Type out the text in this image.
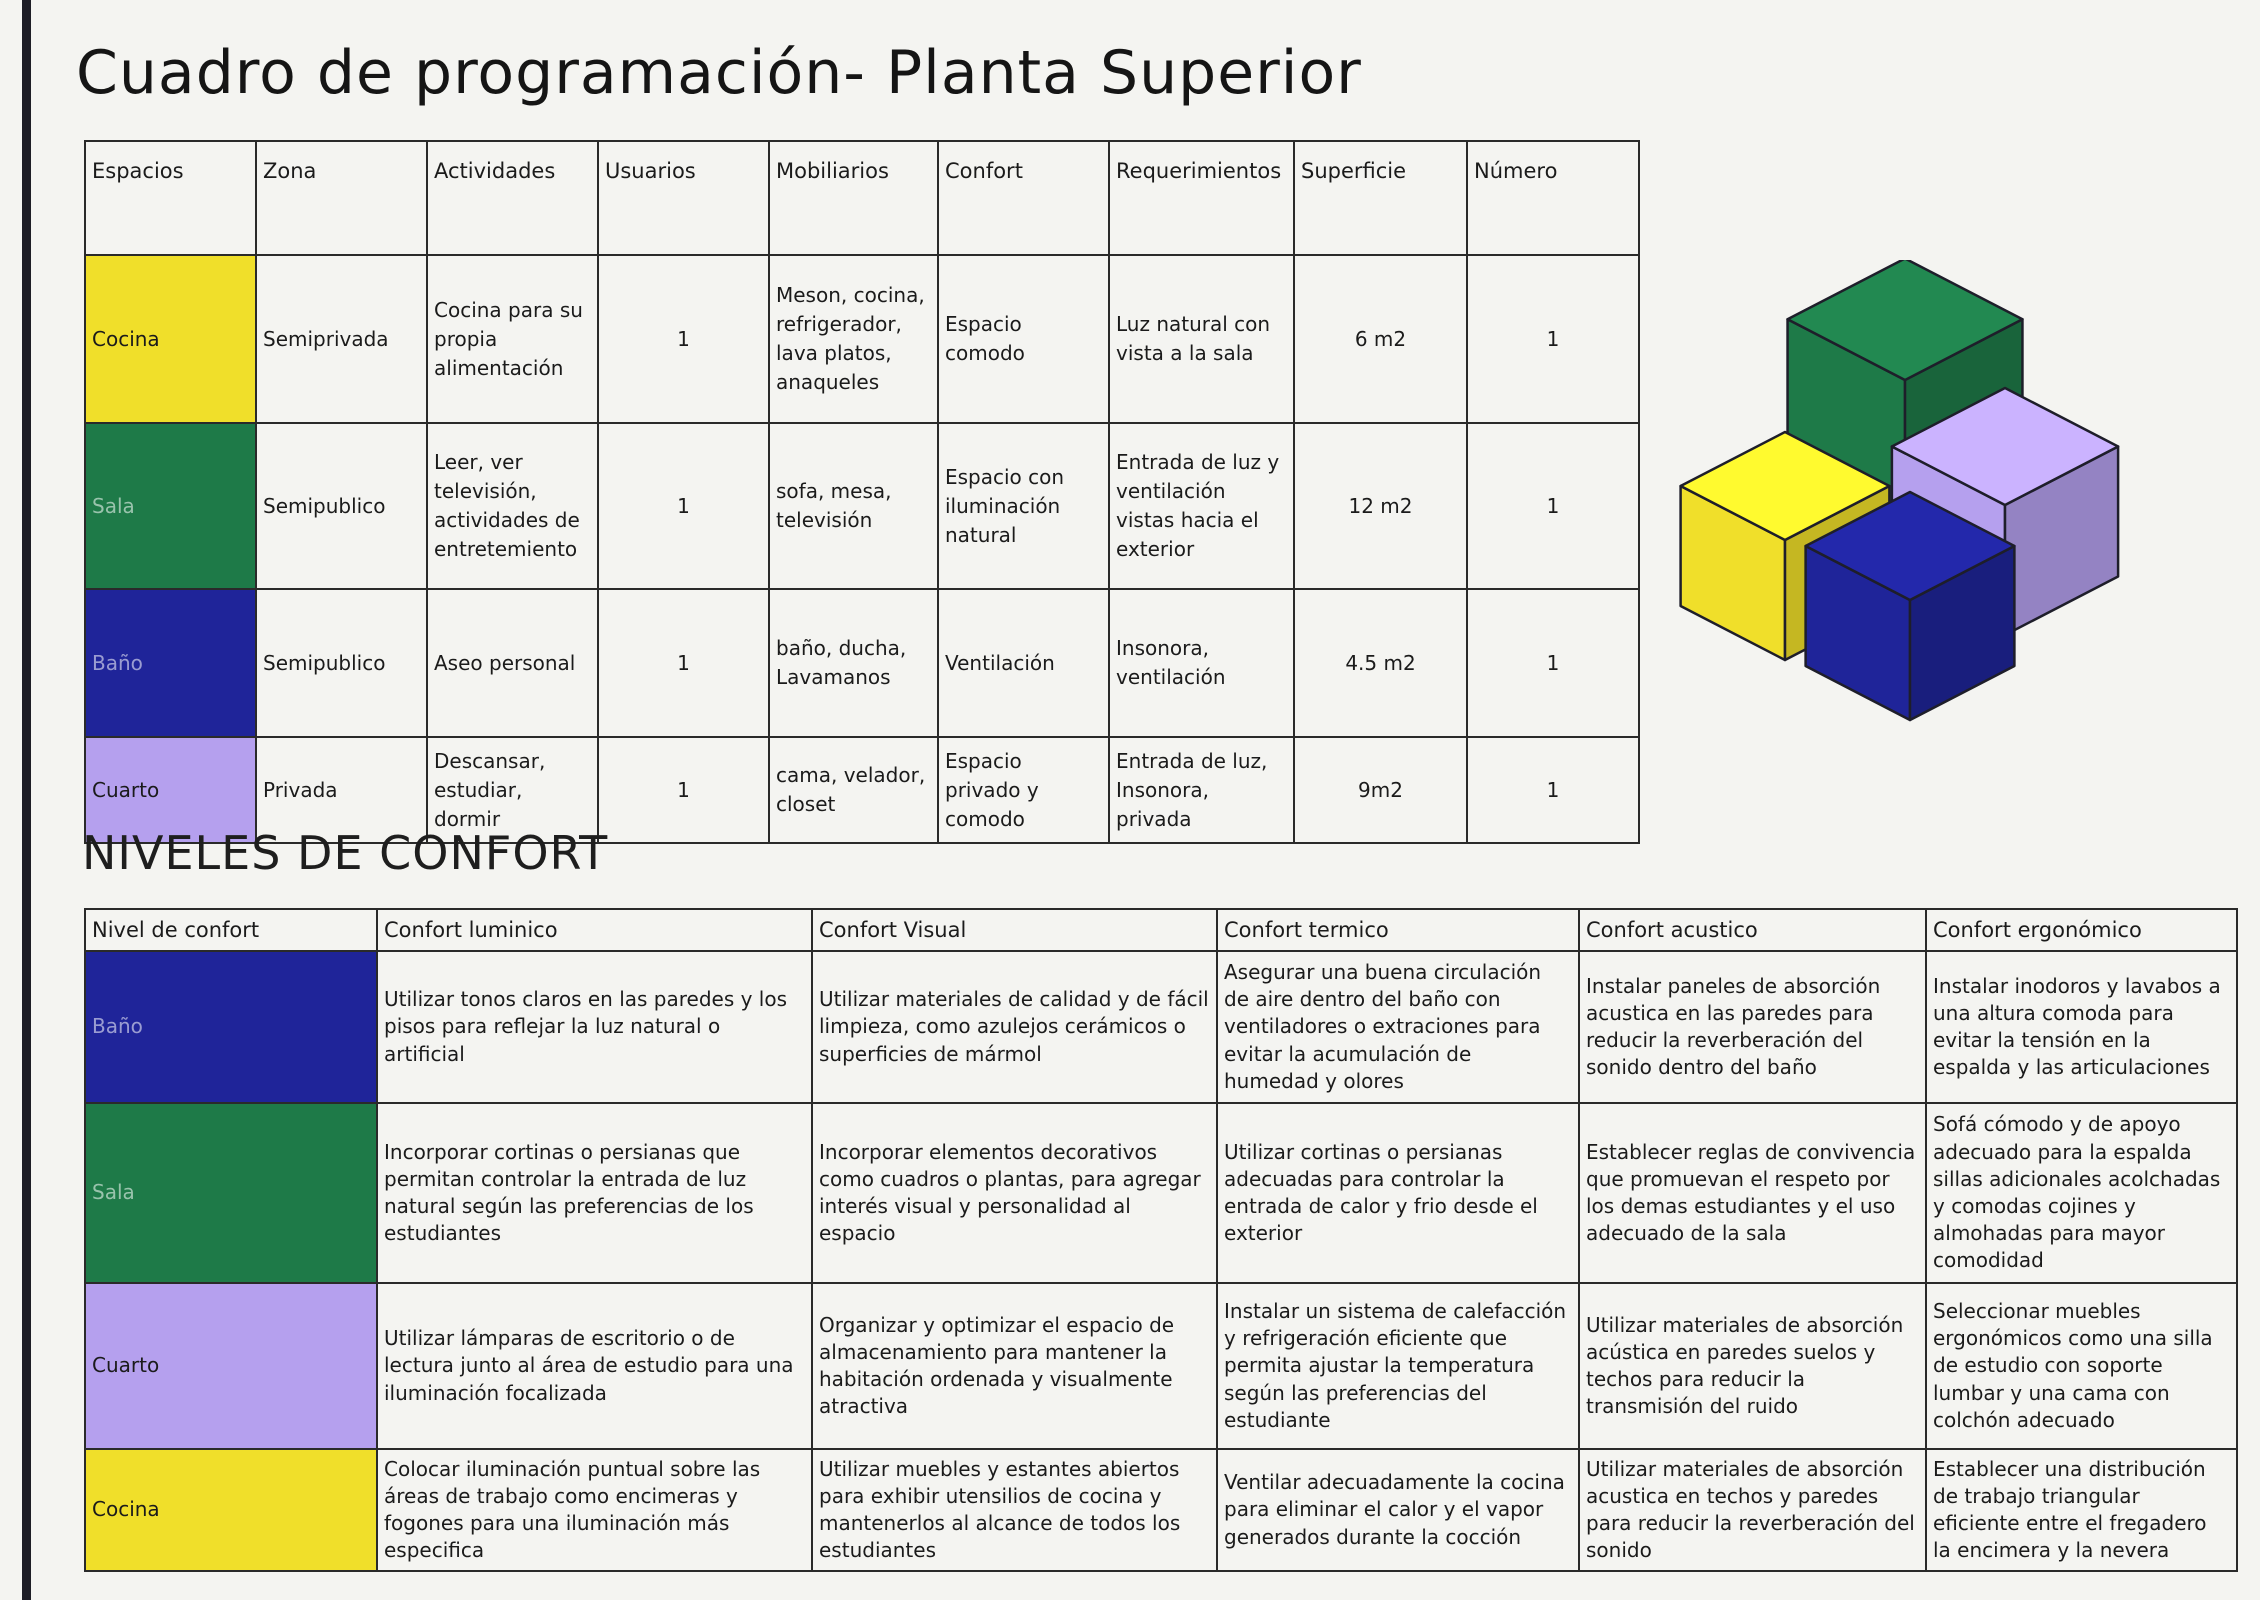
Cuadro de programación- Planta Superior
Espacios	Zona	Actividades	Usuarios	Mobiliarios	Confort	Requerimientos	Superficie	Número
Cocina	Semiprivada	Cocina para su propia alimentación	1	Meson, cocina, refrigerador, lava platos, anaqueles	Espacio comodo	Luz natural con vista a la sala	6 m2	1
Sala	Semipublico	Leer, ver televisión, actividades de entretemiento	1	sofa, mesa, televisión	Espacio con iluminación natural	Entrada de luz y ventilación vistas hacia el exterior	12 m2	1
Baño	Semipublico	Aseo personal	1	baño, ducha, Lavamanos	Ventilación	Insonora, ventilación	4.5 m2	1
Cuarto	Privada	Descansar, estudiar, dormir	1	cama, velador, closet	Espacio privado y comodo	Entrada de luz, Insonora, privada	9m2	1
NIVELES DE CONFORT
Nivel de confort	Confort luminico	Confort Visual	Confort termico	Confort acustico	Confort ergonómico
Baño	Utilizar tonos claros en las paredes y los pisos para reflejar la luz natural o artificial	Utilizar materiales de calidad y de fácil limpieza, como azulejos cerámicos o superficies de mármol	Asegurar una buena circulación de aire dentro del baño con ventiladores o extraciones para evitar la acumulación de humedad y olores	Instalar paneles de absorción acustica en las paredes para reducir la reverberación del sonido dentro del baño	Instalar inodoros y lavabos a una altura comoda para evitar la tensión en la espalda y las articulaciones
Sala	Incorporar cortinas o persianas que permitan controlar la entrada de luz natural según las preferencias de los estudiantes	Incorporar elementos decorativos como cuadros o plantas, para agregar interés visual y personalidad al espacio	Utilizar cortinas o persianas adecuadas para controlar la entrada de calor y frio desde el exterior	Establecer reglas de convivencia que promuevan el respeto por los demas estudiantes y el uso adecuado de la sala	Sofá cómodo y de apoyo adecuado para la espalda sillas adicionales acolchadas y comodas cojines y almohadas para mayor comodidad
Cuarto	Utilizar lámparas de escritorio o de lectura junto al área de estudio para una iluminación focalizada	Organizar y optimizar el espacio de almacenamiento para mantener la habitación ordenada y visualmente atractiva	Instalar un sistema de calefacción y refrigeración eficiente que permita ajustar la temperatura según las preferencias del estudiante	Utilizar materiales de absorción acústica en paredes suelos y techos para reducir la transmisión del ruido	Seleccionar muebles ergonómicos como una silla de estudio con soporte lumbar y una cama con colchón adecuado
Cocina	Colocar iluminación puntual sobre las áreas de trabajo como encimeras y fogones para una iluminación más especifica	Utilizar muebles y estantes abiertos para exhibir utensilios de cocina y mantenerlos al alcance de todos los estudiantes	Ventilar adecuadamente la cocina para eliminar el calor y el vapor generados durante la cocción	Utilizar materiales de absorción acustica en techos y paredes para reducir la reverberación del sonido	Establecer una distribución de trabajo triangular eficiente entre el fregadero la encimera y la nevera
